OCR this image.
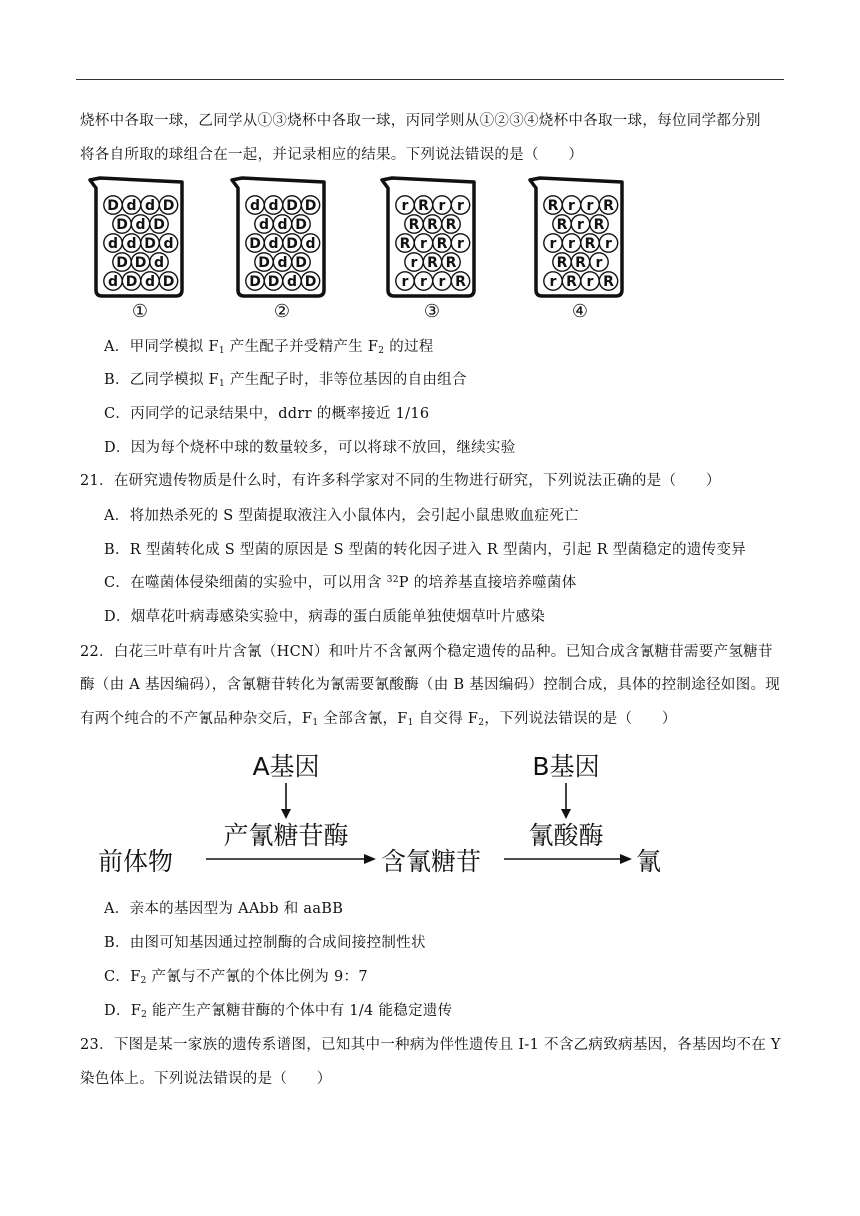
烧杯中各取一球，乙同学从①③烧杯中各取一球，丙同学则从①②③④烧杯中各取一球，每位同学都分别
将各自所取的球组合在一起，并记录相应的结果。下列说法错误的是（　　）
D d d D
D d D
d d D d
D D d
d D d D
①
d d D D
d d D
D d D d
D d D
D D d D
②
r R r r
R R R
R r R r
r R R
r r r R
③
R r r R
R r R
r r R r
R R r
r R r R
④
A．甲同学模拟 $F_1$ 产生配子并受精产生 $F_2$ 的过程
B．乙同学模拟 $F_1$ 产生配子时，非等位基因的自由组合
C．丙同学的记录结果中，ddrr 的概率接近 1/16
D．因为每个烧杯中球的数量较多，可以将球不放回，继续实验
21．在研究遗传物质是什么时，有许多科学家对不同的生物进行研究，下列说法正确的是（　　）
A．将加热杀死的 S 型菌提取液注入小鼠体内，会引起小鼠患败血症死亡
B．R 型菌转化成 S 型菌的原因是 S 型菌的转化因子进入 R 型菌内，引起 R 型菌稳定的遗传变异
C．在噬菌体侵染细菌的实验中，可以用含 $^{32}$P 的培养基直接培养噬菌体
D．烟草花叶病毒感染实验中，病毒的蛋白质能单独使烟草叶片感染
22．白花三叶草有叶片含氰（HCN）和叶片不含氰两个稳定遗传的品种。已知合成含氰糖苷需要产氢糖苷
酶（由 A 基因编码），含氰糖苷转化为氰需要氰酸酶（由 B 基因编码）控制合成，具体的控制途径如图。现
有两个纯合的不产氰品种杂交后，$F_1$ 全部含氰，$F_1$ 自交得 $F_2$，下列说法错误的是（　　）
A基因
产氰糖苷酶
前体物	含氰糖苷
B基因
氰酸酶
氰
A．亲本的基因型为 AAbb 和 aaBB
B．由图可知基因通过控制酶的合成间接控制性状
C．$F_2$ 产氰与不产氰的个体比例为 9：7
D．$F_2$ 能产生产氰糖苷酶的个体中有 1/4 能稳定遗传
23．下图是某一家族的遗传系谱图，已知其中一种病为伴性遗传且 I-1 不含乙病致病基因，各基因均不在 Y
染色体上。下列说法错误的是（　　）
